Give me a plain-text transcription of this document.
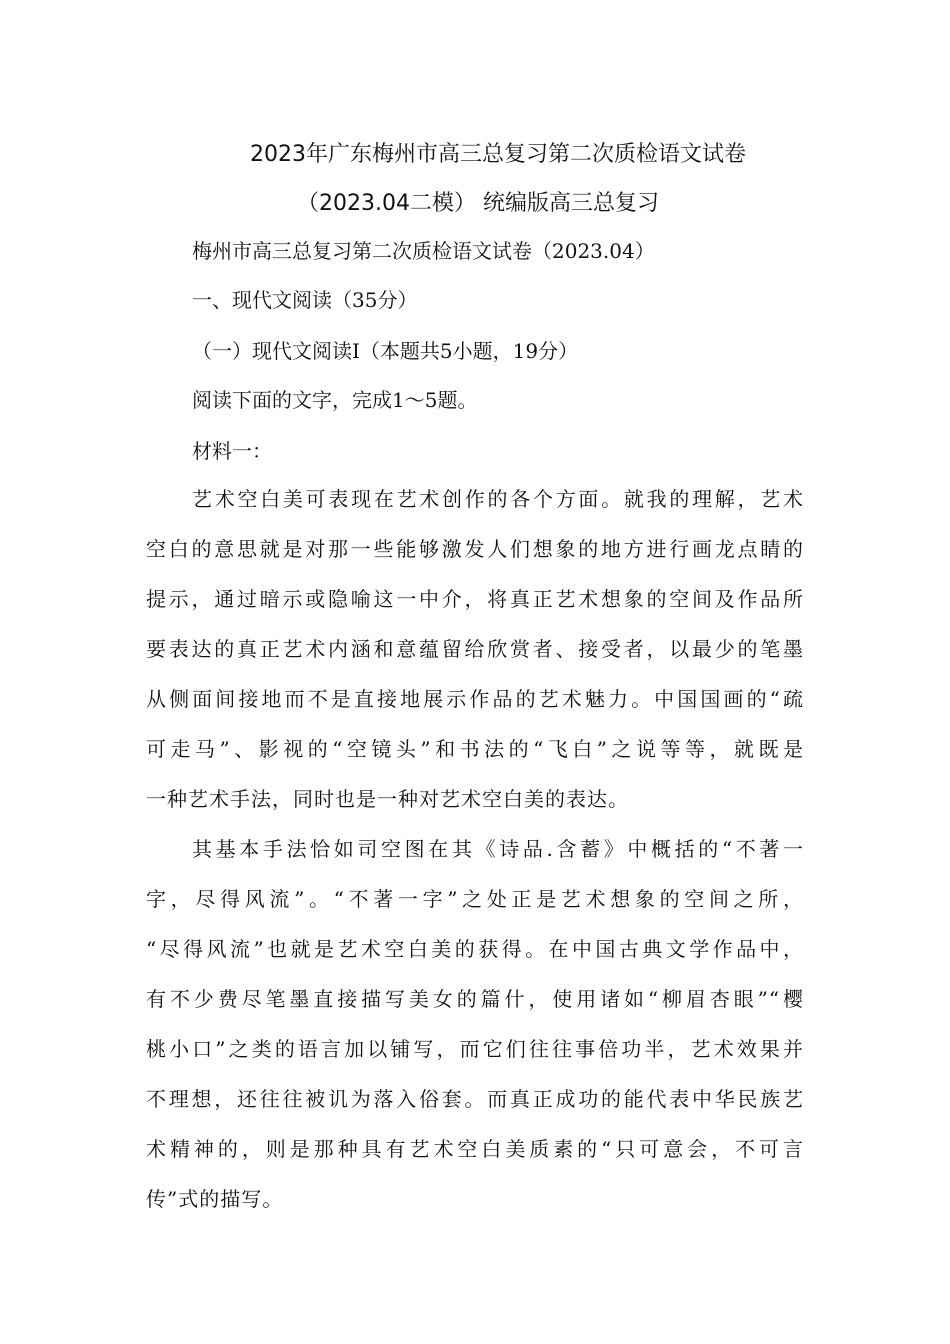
2023年广东梅州市高三总复习第二次质检语文试卷
（2023.04二模） 统编版高三总复习
梅州市高三总复习第二次质检语文试卷（2023.04）
一、现代文阅读（35分）
（一）现代文阅读Ⅰ（本题共5小题，19分）
阅读下面的文字，完成1～5题。
材料一：
艺术空白美可表现在艺术创作的各个方面。就我的理解，艺术
空白的意思就是对那一些能够激发人们想象的地方进行画龙点睛的
提示，通过暗示或隐喻这一中介，将真正艺术想象的空间及作品所
要表达的真正艺术内涵和意蕴留给欣赏者、接受者，以最少的笔墨
从侧面间接地而不是直接地展示作品的艺术魅力。中国国画的“疏
可走马”、影视的“空镜头”和书法的“飞白”之说等等，就既是
一种艺术手法，同时也是一种对艺术空白美的表达。
其基本手法恰如司空图在其《诗品.含蓄》中概括的“不著一
字，尽得风流”。“不著一字”之处正是艺术想象的空间之所，
“尽得风流”也就是艺术空白美的获得。在中国古典文学作品中，
有不少费尽笔墨直接描写美女的篇什，使用诸如“柳眉杏眼”“樱
桃小口”之类的语言加以铺写，而它们往往事倍功半，艺术效果并
不理想，还往往被讥为落入俗套。而真正成功的能代表中华民族艺
术精神的，则是那种具有艺术空白美质素的“只可意会，不可言
传”式的描写。
